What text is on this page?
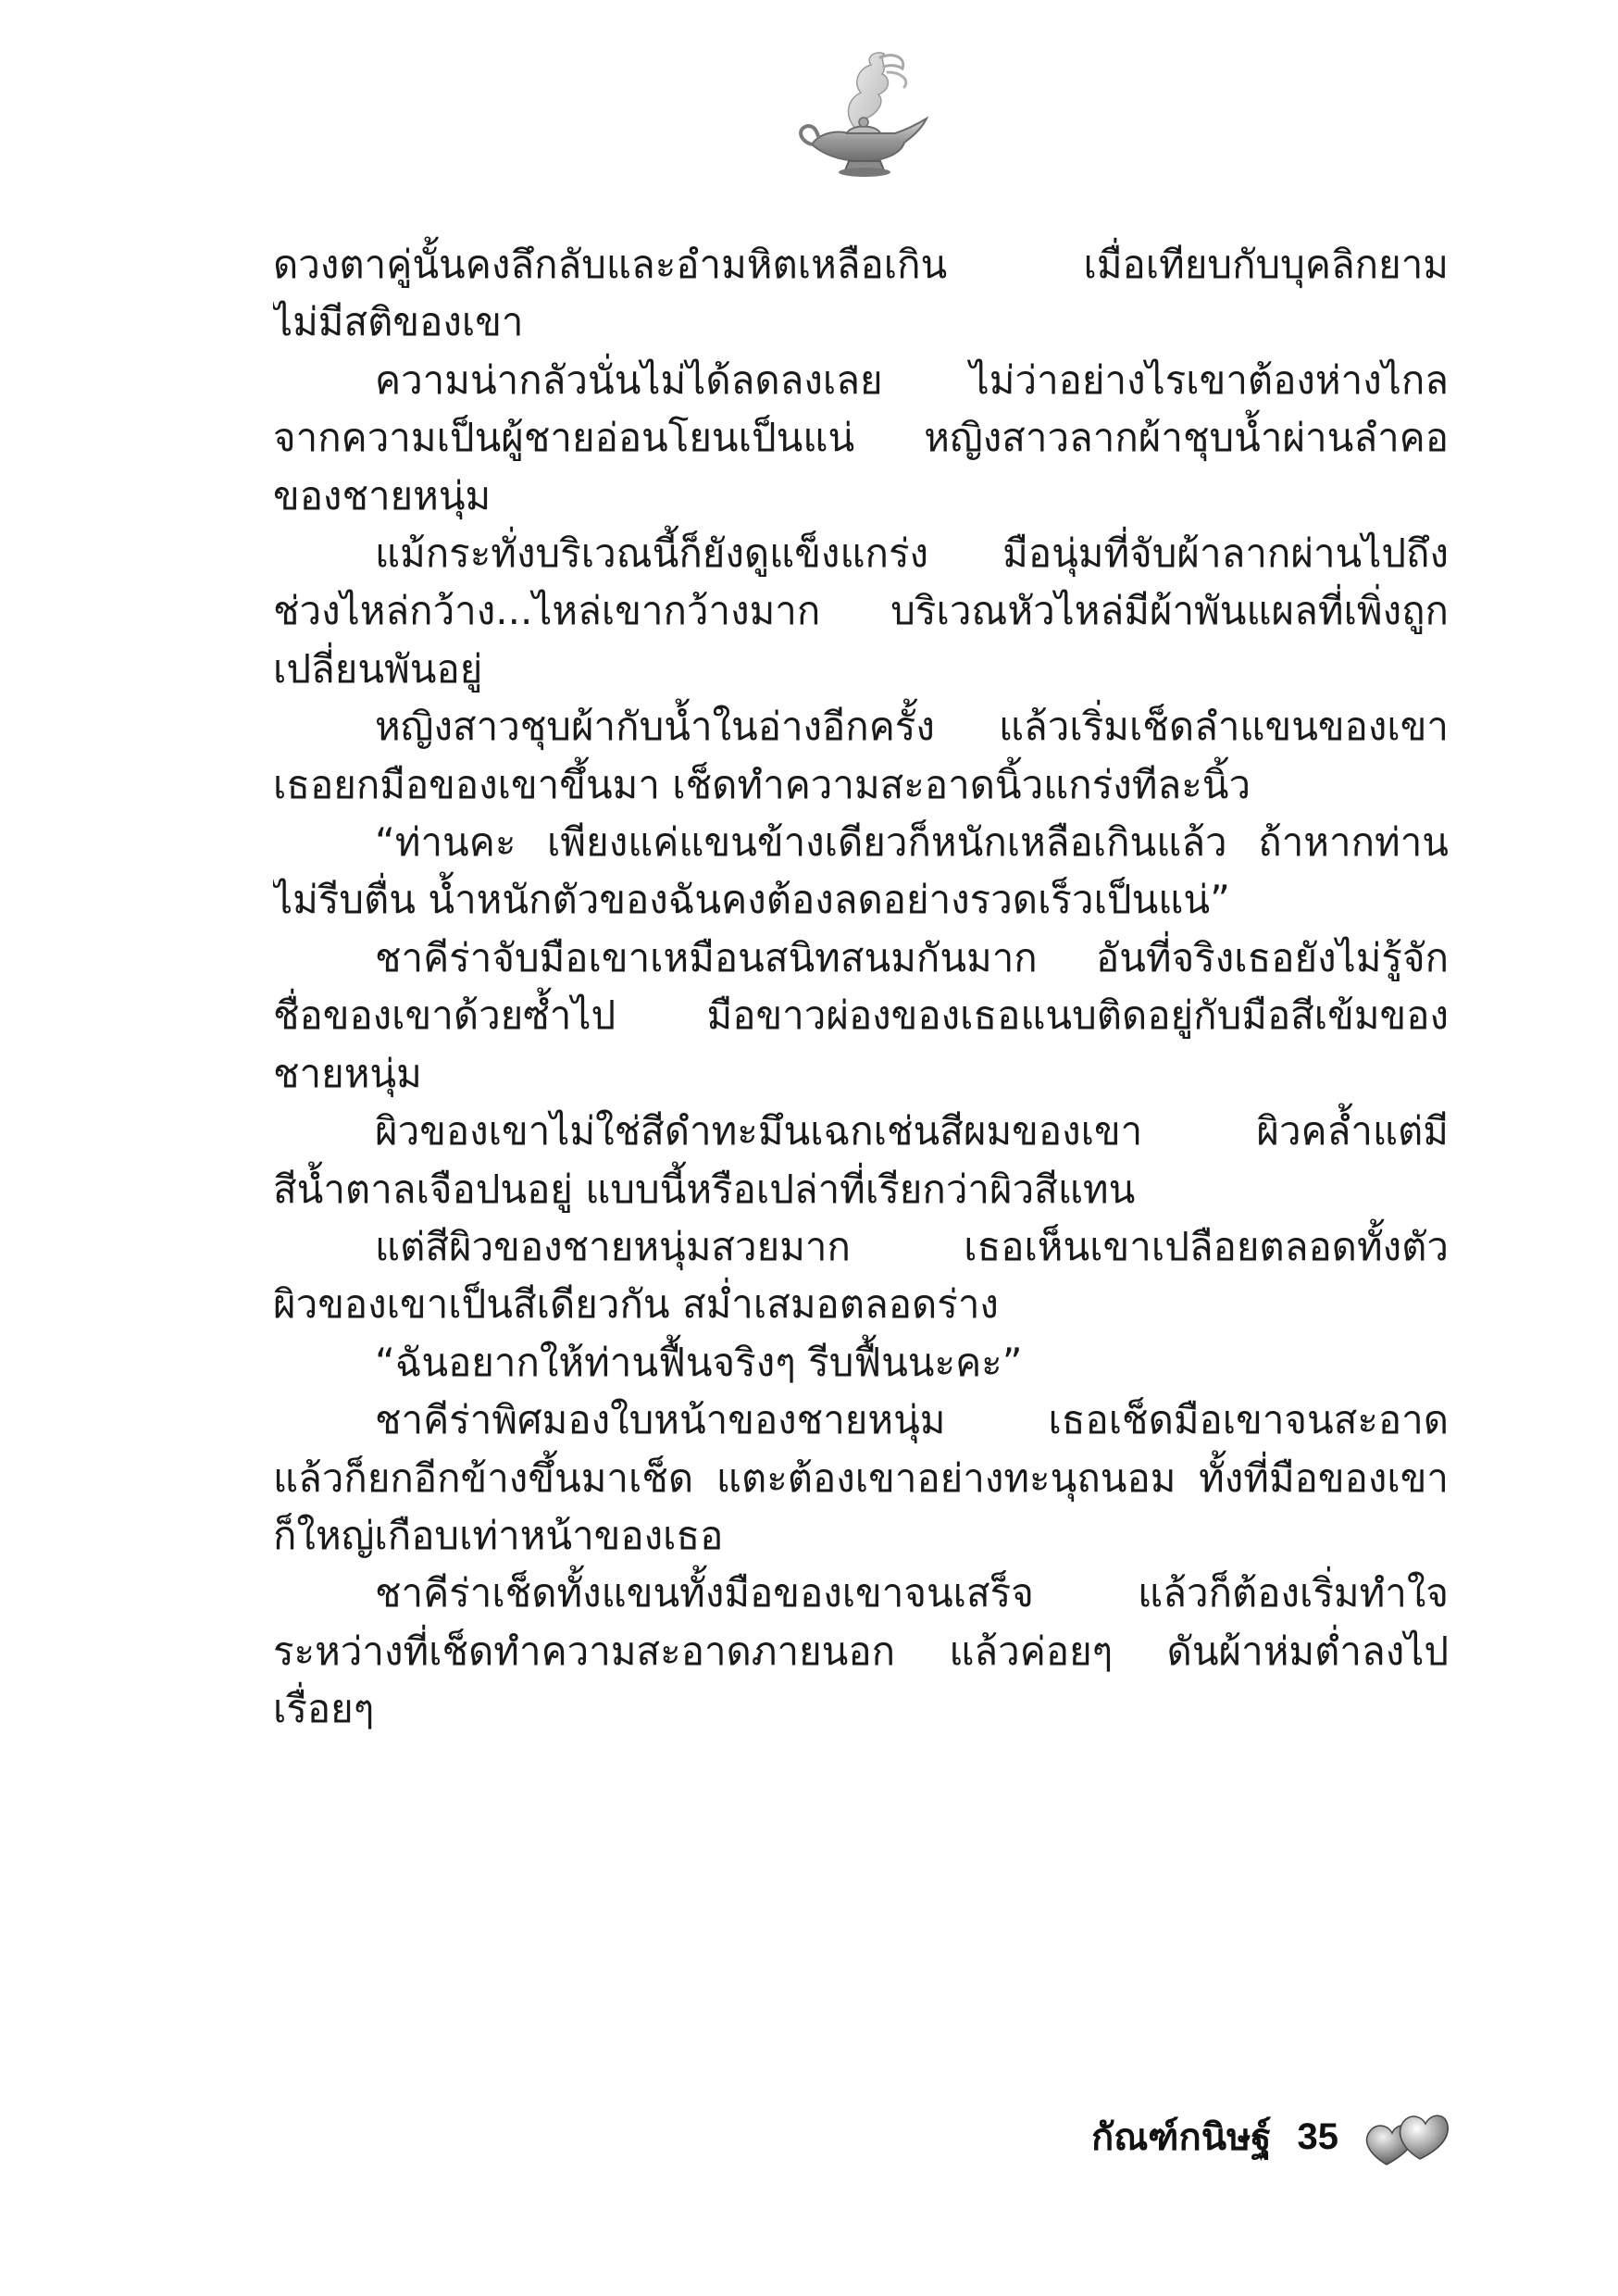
ดวงตาคู่นั้นคงลึกลับและอำมหิตเหลือเกิน เมื่อเทียบกับบุคลิกยาม
ไม่มีสติของเขา
ความน่ากลัวนั่นไม่ได้ลดลงเลย ไม่ว่าอย่างไรเขาต้องห่างไกล
จากความเป็นผู้ชายอ่อนโยนเป็นแน่ หญิงสาวลากผ้าชุบน้ำผ่านลำคอ
ของชายหนุ่ม
แม้กระทั่งบริเวณนี้ก็ยังดูแข็งแกร่ง มือนุ่มที่จับผ้าลากผ่านไปถึง
ช่วงไหล่กว้าง...ไหล่เขากว้างมาก บริเวณหัวไหล่มีผ้าพันแผลที่เพิ่งถูก
เปลี่ยนพันอยู่
หญิงสาวชุบผ้ากับน้ำในอ่างอีกครั้ง แล้วเริ่มเช็ดลำแขนของเขา
เธอยกมือของเขาขึ้นมา เช็ดทำความสะอาดนิ้วแกร่งทีละนิ้ว
“ท่านคะ เพียงแค่แขนข้างเดียวก็หนักเหลือเกินแล้ว ถ้าหากท่าน
ไม่รีบตื่น น้ำหนักตัวของฉันคงต้องลดอย่างรวดเร็วเป็นแน่”
ชาคีร่าจับมือเขาเหมือนสนิทสนมกันมาก อันที่จริงเธอยังไม่รู้จัก
ชื่อของเขาด้วยซ้ำไป มือขาวผ่องของเธอแนบติดอยู่กับมือสีเข้มของ
ชายหนุ่ม
ผิวของเขาไม่ใช่สีดำทะมึนเฉกเช่นสีผมของเขา ผิวคล้ำแต่มี
สีน้ำตาลเจือปนอยู่ แบบนี้หรือเปล่าที่เรียกว่าผิวสีแทน
แต่สีผิวของชายหนุ่มสวยมาก เธอเห็นเขาเปลือยตลอดทั้งตัว
ผิวของเขาเป็นสีเดียวกัน สม่ำเสมอตลอดร่าง
“ฉันอยากให้ท่านฟื้นจริงๆ รีบฟื้นนะคะ”
ชาคีร่าพิศมองใบหน้าของชายหนุ่ม เธอเช็ดมือเขาจนสะอาด
แล้วก็ยกอีกข้างขึ้นมาเช็ด แตะต้องเขาอย่างทะนุถนอม ทั้งที่มือของเขา
ก็ใหญ่เกือบเท่าหน้าของเธอ
ชาคีร่าเช็ดทั้งแขนทั้งมือของเขาจนเสร็จ แล้วก็ต้องเริ่มทำใจ
ระหว่างที่เช็ดทำความสะอาดภายนอก แล้วค่อยๆ ดันผ้าห่มต่ำลงไป
เรื่อยๆ
กัณฑ์กนิษฐ์ 35
